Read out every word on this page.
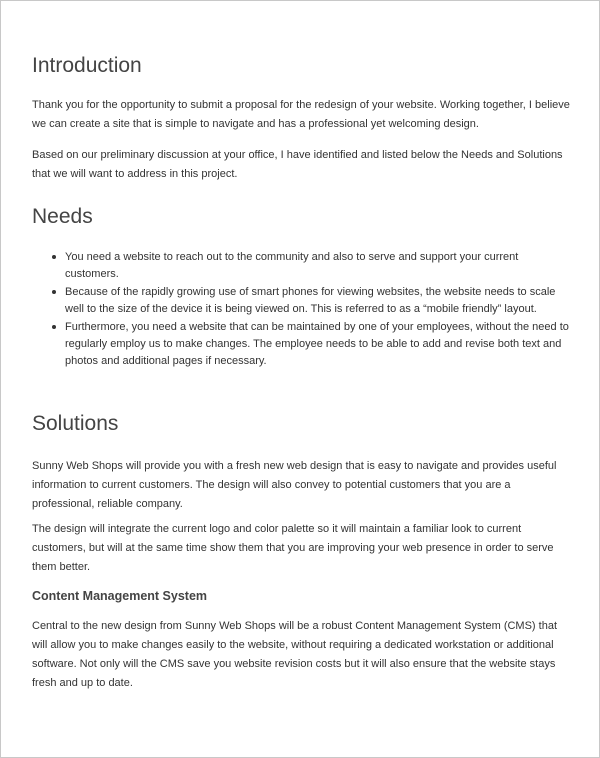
Introduction

Thank you for the opportunity to submit a proposal for the redesign of your website. Working together, I believe we can create a site that is simple to navigate and has a professional yet welcoming design.

Based on our preliminary discussion at your office, I have identified and listed below the Needs and Solutions that we will want to address in this project.

Needs
You need a website to reach out to the community and also to serve and support your current customers.
Because of the rapidly growing use of smart phones for viewing websites, the website needs to scale well to the size of the device it is being viewed on. This is referred to as a “mobile friendly” layout.
Furthermore, you need a website that can be maintained by one of your employees, without the need to regularly employ us to make changes. The employee needs to be able to add and revise both text and photos and additional pages if necessary.
Solutions

Sunny Web Shops will provide you with a fresh new web design that is easy to navigate and provides useful information to current customers. The design will also convey to potential customers that you are a professional, reliable company.

The design will integrate the current logo and color palette so it will maintain a familiar look to current customers, but will at the same time show them that you are improving your web presence in order to serve them better.

Content Management System

Central to the new design from Sunny Web Shops will be a robust Content Management System (CMS) that will allow you to make changes easily to the website, without requiring a dedicated workstation or additional software. Not only will the CMS save you website revision costs but it will also ensure that the website stays fresh and up to date.
